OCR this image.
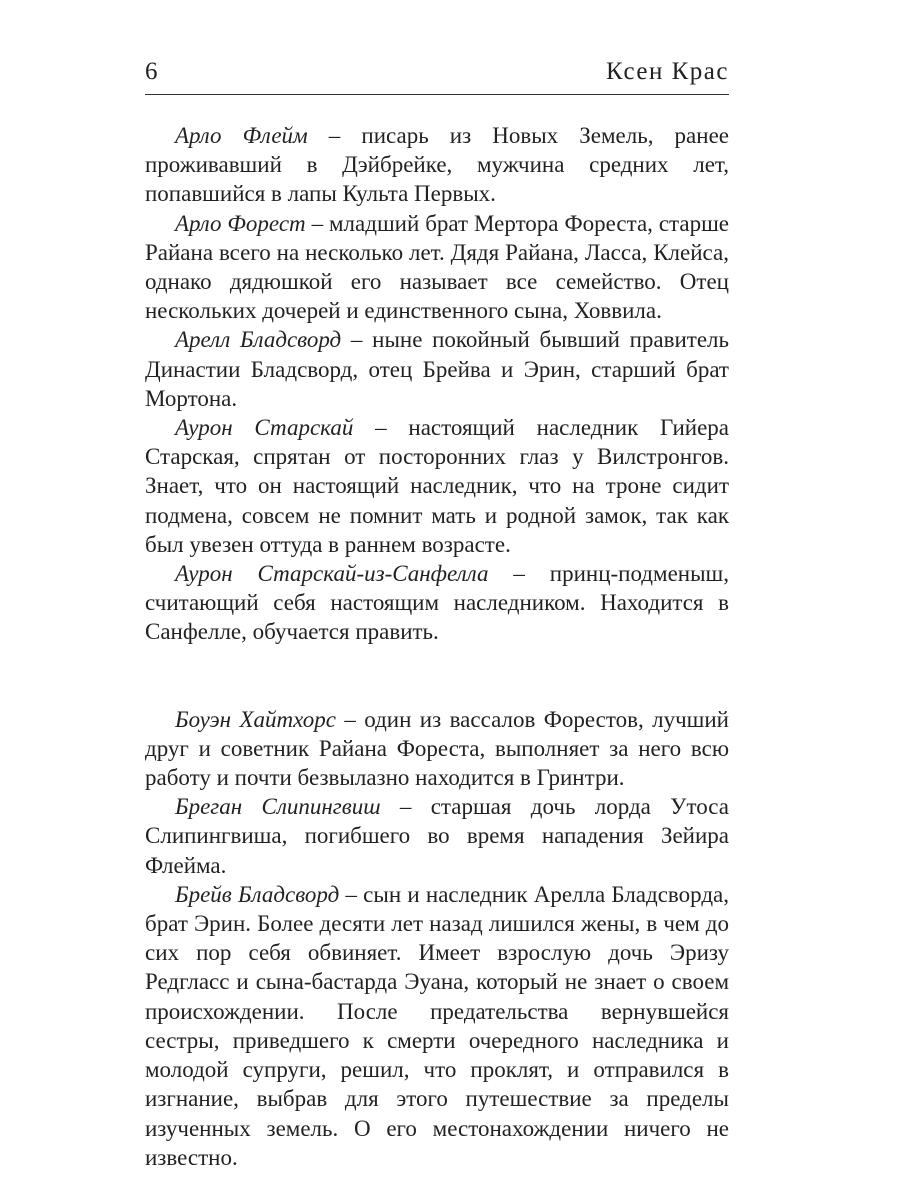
6	Ксен Крас

Арло Флейм – писарь из Новых Земель, ранее проживавший в Дэйбрейке, мужчина средних лет, попавшийся в лапы Культа Первых.

Арло Форест – младший брат Мертора Фореста, старше Райана всего на несколько лет. Дядя Райана, Ласса, Клейса, однако дядюшкой его называет все семейство. Отец нескольких дочерей и единственного сына, Ховвила.

Арелл Бладсворд – ныне покойный бывший правитель Династии Бладсворд, отец Брейва и Эрин, старший брат Мортона.

Аурон Старскай – настоящий наследник Гийера Старская, спрятан от посторонних глаз у Вилстронгов. Знает, что он настоящий наследник, что на троне сидит подмена, совсем не помнит мать и родной замок, так как был увезен оттуда в раннем возрасте.

Аурон Старскай-из-Санфелла – принц-подменыш, считающий себя настоящим наследником. Находится в Санфелле, обучается править.

Боуэн Хайтхорс – один из вассалов Форестов, лучший друг и советник Райана Фореста, выполняет за него всю работу и почти безвылазно находится в Гринтри.

Бреган Слипингвиш – старшая дочь лорда Утоса Слипингвиша, погибшего во время нападения Зейира Флейма.

Брейв Бладсворд – сын и наследник Арелла Бладсворда, брат Эрин. Более десяти лет назад лишился жены, в чем до сих пор себя обвиняет. Имеет взрослую дочь Эризу Редгласс и сына-бастарда Эуана, который не знает о своем происхождении. После предательства вернувшейся сестры, приведшего к смерти очередного наследника и молодой супруги, решил, что проклят, и отправился в изгнание, выбрав для этого путешествие за пределы изученных земель. О его местонахождении ничего не известно.
